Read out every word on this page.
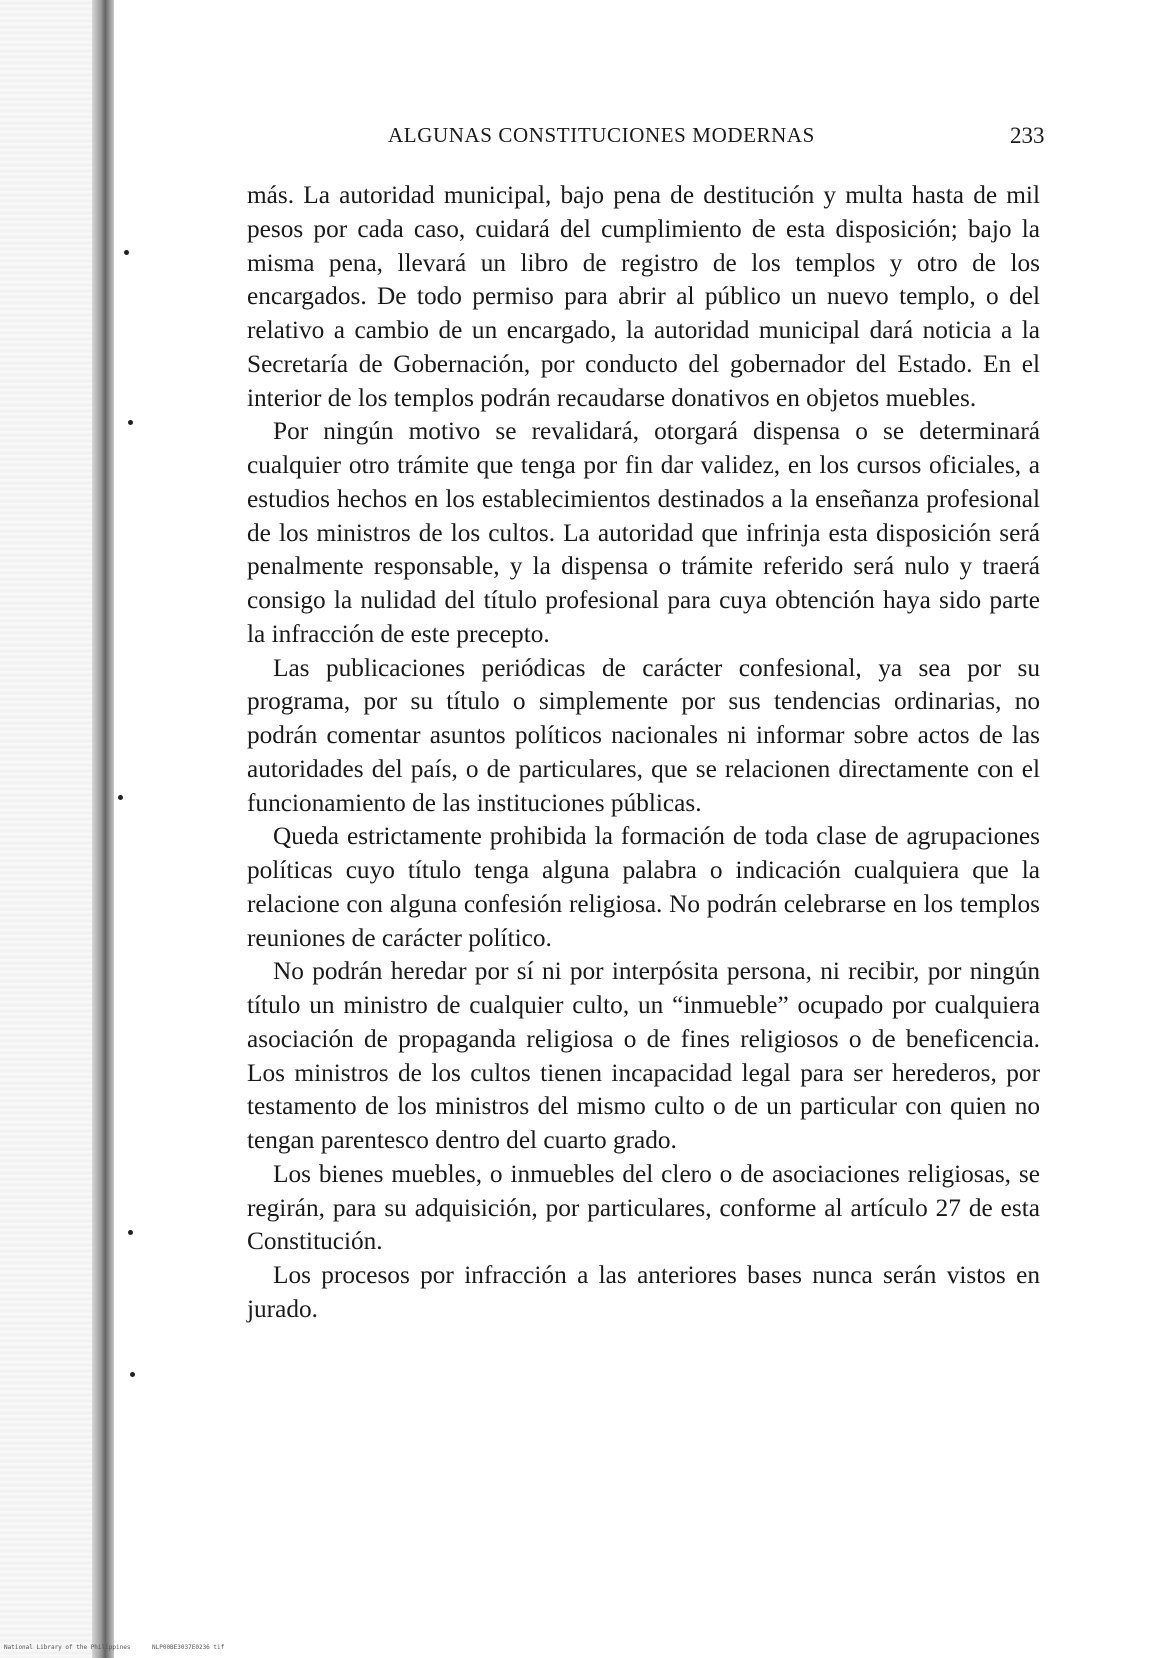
ALGUNAS CONSTITUCIONES MODERNAS	233

más. La autoridad municipal, bajo pena de destitución y multa hasta de mil pesos por cada caso, cuidará del cumplimiento de esta disposición; bajo la misma pena, llevará un libro de registro de los templos y otro de los encargados. De todo permiso para abrir al público un nuevo templo, o del relativo a cambio de un encargado, la autoridad municipal dará noticia a la Secretaría de Gobernación, por conducto del gobernador del Estado. En el interior de los templos podrán recaudarse donativos en objetos muebles.

Por ningún motivo se revalidará, otorgará dispensa o se determinará cualquier otro trámite que tenga por fin dar validez, en los cursos oficiales, a estudios hechos en los establecimientos destinados a la enseñanza profesional de los ministros de los cultos. La autoridad que infrinja esta disposición será penalmente responsable, y la dispensa o trámite referido será nulo y traerá consigo la nulidad del título profesional para cuya obtención haya sido parte la infracción de este precepto.

Las publicaciones periódicas de carácter confesional, ya sea por su programa, por su título o simplemente por sus tendencias ordinarias, no podrán comentar asuntos políticos nacionales ni informar sobre actos de las autoridades del país, o de particulares, que se relacionen directamente con el funcionamiento de las instituciones públicas.

Queda estrictamente prohibida la formación de toda clase de agrupaciones políticas cuyo título tenga alguna palabra o indicación cualquiera que la relacione con alguna confesión religiosa. No podrán celebrarse en los templos reuniones de carácter político.

No podrán heredar por sí ni por interpósita persona, ni recibir, por ningún título un ministro de cualquier culto, un “inmueble” ocupado por cualquiera asociación de propaganda religiosa o de fines religiosos o de beneficencia. Los ministros de los cultos tienen incapacidad legal para ser herederos, por testamento de los ministros del mismo culto o de un particular con quien no tengan parentesco dentro del cuarto grado.

Los bienes muebles, o inmuebles del clero o de asociaciones religiosas, se regirán, para su adquisición, por particulares, conforme al artículo 27 de esta Constitución.

Los procesos por infracción a las anteriores bases nunca serán vistos en jurado.

National Library of the Philippines	NLP00BE3037E0236 tif
